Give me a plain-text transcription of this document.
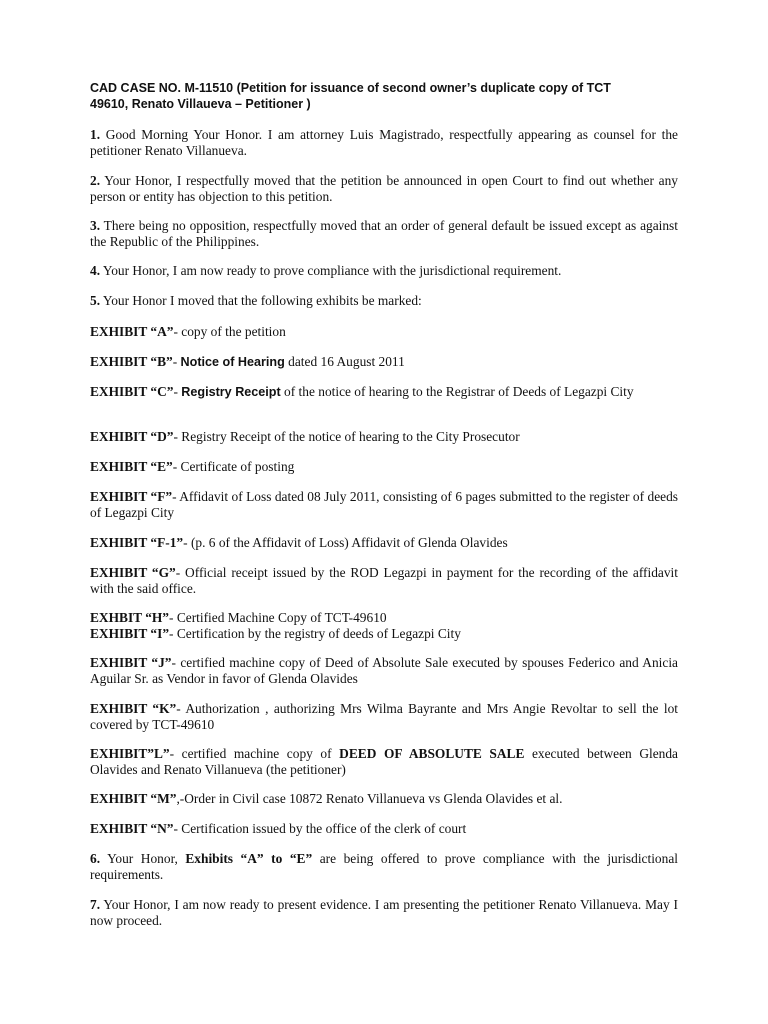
CAD CASE NO. M-11510 (Petition for issuance of second owner’s duplicate copy of TCT
49610, Renato Villaueva – Petitioner )

1. Good Morning Your Honor. I am attorney Luis Magistrado, respectfully appearing as counsel for the petitioner Renato Villanueva.

2. Your Honor, I respectfully moved that the petition be announced in open Court to find out whether any person or entity has objection to this petition.

3. There being no opposition, respectfully moved that an order of general default be issued except as against the Republic of the Philippines.

4. Your Honor, I am now ready to prove compliance with the jurisdictional requirement.

5. Your Honor I moved that the following exhibits be marked:

EXHIBIT “A”- copy of the petition

EXHIBIT “B”- Notice of Hearing dated 16 August 2011

EXHIBIT “C”- Registry Receipt of the notice of hearing to the Registrar of Deeds of Legazpi City

EXHIBIT “D”- Registry Receipt of the notice of hearing to the City Prosecutor

EXHIBIT “E”- Certificate of posting

EXHIBIT “F”- Affidavit of Loss dated 08 July 2011, consisting of 6 pages submitted to the register of deeds of Legazpi City

EXHIBIT “F-1”- (p. 6 of the Affidavit of Loss) Affidavit of Glenda Olavides

EXHIBIT “G”- Official receipt issued by the ROD Legazpi in payment for the recording of the affidavit with the said office.

EXHBIT “H”- Certified Machine Copy of TCT-49610

EXHIBIT “I”- Certification by the registry of deeds of Legazpi City

EXHIBIT “J”- certified machine copy of Deed of Absolute Sale executed by spouses Federico and Anicia Aguilar Sr. as Vendor in favor of Glenda Olavides

EXHIBIT “K”- Authorization , authorizing Mrs Wilma Bayrante and Mrs Angie Revoltar to sell the lot covered by TCT-49610

EXHIBIT”L”- certified machine copy of DEED OF ABSOLUTE SALE executed between Glenda Olavides and Renato Villanueva (the petitioner)

EXHIBIT “M”,-Order in Civil case 10872 Renato Villanueva vs Glenda Olavides et al.

EXHIBIT “N”- Certification issued by the office of the clerk of court

6. Your Honor, Exhibits “A” to “E” are being offered to prove compliance with the jurisdictional requirements.

7. Your Honor, I am now ready to present evidence. I am presenting the petitioner Renato Villanueva. May I now proceed.
